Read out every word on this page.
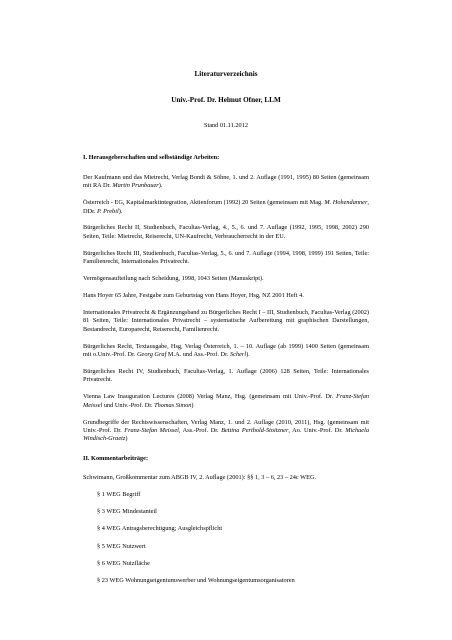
Literaturverzeichnis
Univ.-Prof. Dr. Helmut Ofner, LLM
Stand 01.11.2012
I. Herausgeberschaften und selbständige Arbeiten:
Der Kaufmann und das Mietrecht, Verlag Bondi & Söhne, 1. und 2. Auflage (1991, 1995) 80 Seiten (gemeinsam mit RA Dr. Martin Prunbauer).
Österreich - EG, Kapitalmarktintegration, Aktienforum (1992) 20 Seiten (gemeinsam mit Mag. M. Hohendanner, DDr. P. Prebil).
Bürgerliches Recht II, Studienbuch, Facultas-Verlag, 4., 5., 6. und 7. Auflage (1992, 1995, 1998, 2002) 290 Seiten, Teile: Mietrecht, Reiserecht, UN-Kaufrecht, Verbraucherrecht in der EU.
Bürgerliches Recht III, Studienbuch, Facultas-Verlag, 5., 6. und 7. Auflage (1994, 1998, 1999) 191 Seiten, Teile: Familienrecht, Internationales Privatrecht.
Vermögensaufteilung nach Scheidung, 1998, 1043 Seiten (Manuskript).
Hans Hoyer 65 Jahre, Festgabe zum Geburtstag von Hans Hoyer, Hsg, NZ 2001 Heft 4.
Internationales Privatrecht & Ergänzungsband zu Bürgerliches Recht I – III, Studienbuch, Facultas-Verlag (2002) 81 Seiten, Teile: Internationales Privatrecht – systematische Aufbereitung mit graphischen Darstellungen, Bestandrecht, Europarecht, Reiserecht, Familienrecht.
Bürgerliches Recht, Textausgabe, Hsg, Verlag Österreich, 1. – 10. Auflage (ab 1999) 1400 Seiten (gemeinsam mit o.Univ.-Prof. Dr. Georg Graf M.A. und Ass.-Prof. Dr. Scherl).
Bürgerliches Recht IV, Studienbuch, Facultas-Verlag, 1. Auflage (2006) 128 Seiten, Teile: Internationales Privatrecht.
Vienna Law Inauguration Lectures (2008) Verlag Manz, Hsg. (gemeinsam mit Univ.-Prof. Dr. Franz-Stefan Meissel und Univ.-Prof. Dr. Thomas Simon)
Grundbegriffe der Rechtswissenschaften, Verlag Manz, 1. und 2. Auflage (2010, 2011), Hsg. (gemeinsam mit Univ.-Prof. Dr. Franz-Stefan Meissel, Ass.-Prof. Dr. Bettina Perthold-Stoitzner, Ao. Univ.-Prof. Dr. Michaela Windisch-Graetz)
II. Kommentarbeiträge:
Schwimann, Großkommentar zum ABGB IV, 2. Auflage (2001): §§ 1, 3 – 6, 23 – 24c WEG.
§ 1 WEG Begriff
§ 3 WEG Mindestanteil
§ 4 WEG Antragsberechtigung; Ausgleichspflicht
§ 5 WEG Nutzwert
§ 6 WEG Nutzfläche
§ 23 WEG Wohnungseigentumswerber und Wohnungseigentumsorganisatoren
